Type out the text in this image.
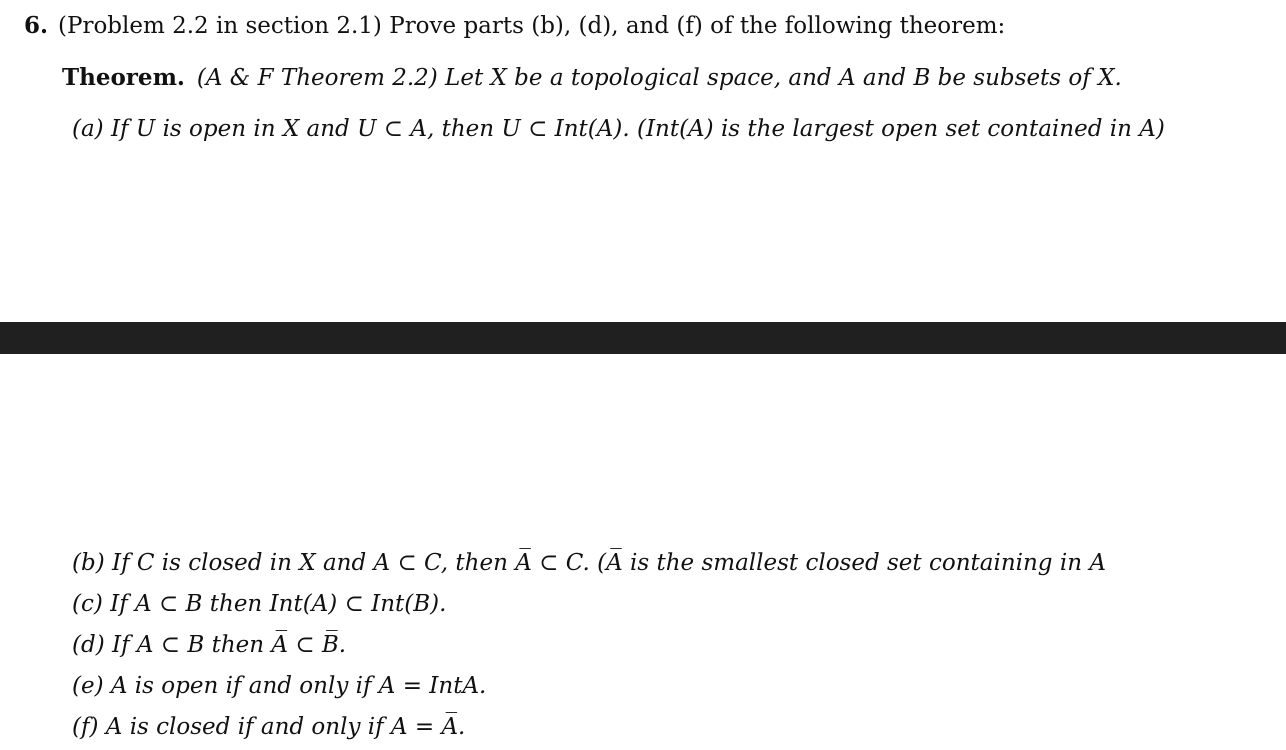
6. (Problem 2.2 in section 2.1) Prove parts (b), (d), and (f) of the following theorem:
Theorem. (A & F Theorem 2.2) Let X be a topological space, and A and B be subsets of X.
(a) If U is open in X and U ⊂ A, then U ⊂ Int(A). (Int(A) is the largest open set contained in A)
(b) If C is closed in X and A ⊂ C, then A̅ ⊂ C. (A̅ is the smallest closed set containing in A
(c) If A ⊂ B then Int(A) ⊂ Int(B).
(d) If A ⊂ B then A̅ ⊂ B̅.
(e) A is open if and only if A = IntA.
(f) A is closed if and only if A = A̅.
